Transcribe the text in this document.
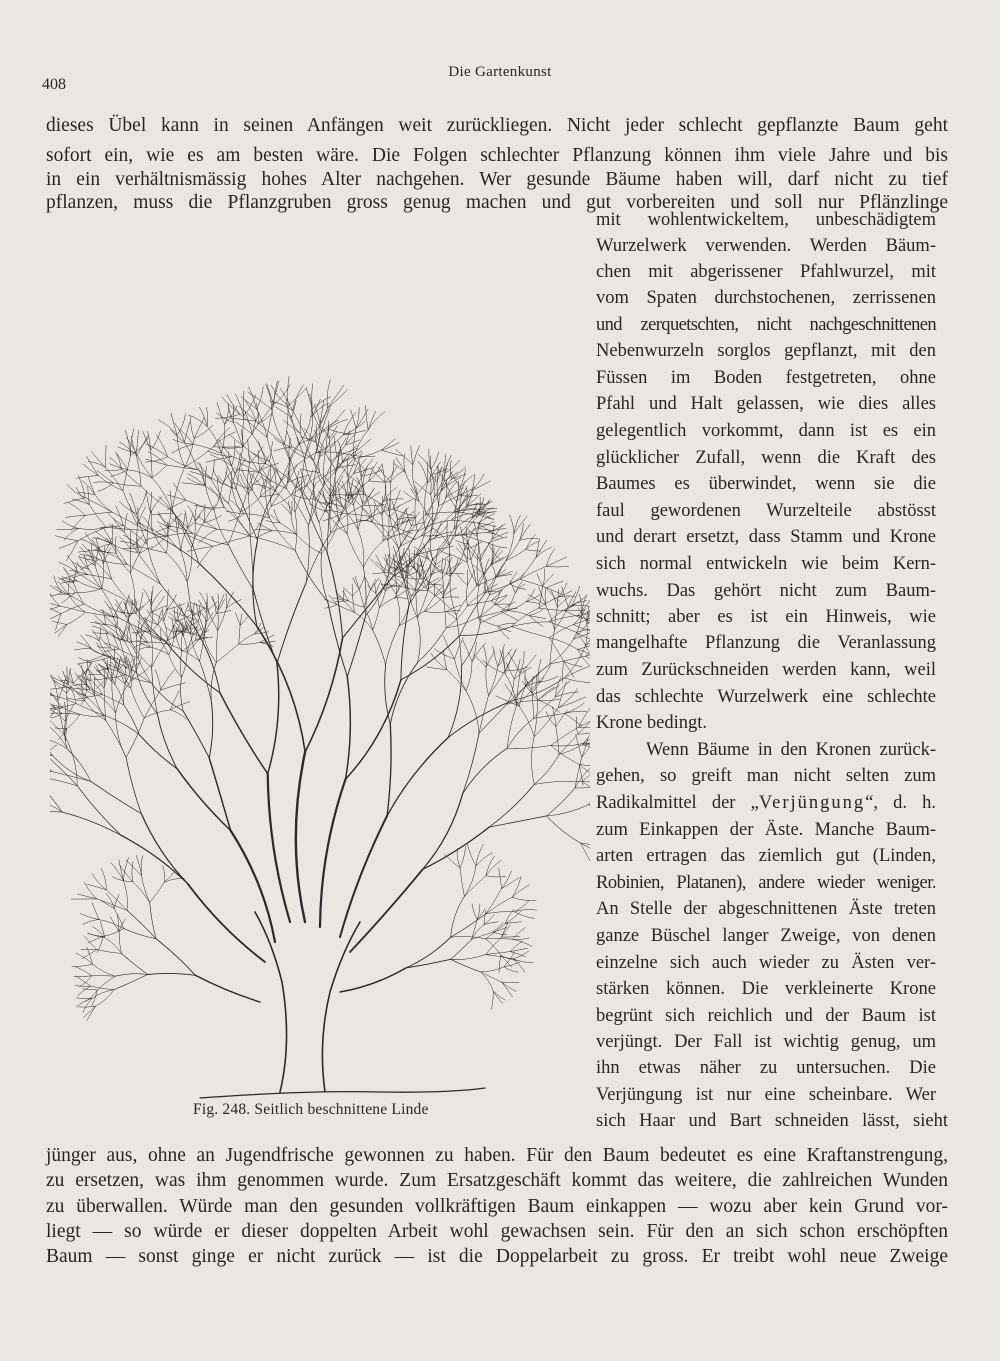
408
Die Gartenkunst
dieses Übel kann in seinen Anfängen weit zurückliegen. Nicht jeder schlecht gepflanzte Baum geht
sofort ein, wie es am besten wäre. Die Folgen schlechter Pflanzung können ihm viele Jahre und bis
in ein verhältnismässig hohes Alter nachgehen. Wer gesunde Bäume haben will, darf nicht zu tief
pflanzen, muss die Pflanzgruben gross genug machen und gut vorbereiten und soll nur Pflänzlinge
mit wohlentwickeltem, unbeschädigtem
Wurzelwerk verwenden. Werden Bäum-
chen mit abgerissener Pfahlwurzel, mit
vom Spaten durchstochenen, zerrissenen
und zerquetschten, nicht nachgeschnittenen
Nebenwurzeln sorglos gepflanzt, mit den
Füssen im Boden festgetreten, ohne
Pfahl und Halt gelassen, wie dies alles
gelegentlich vorkommt, dann ist es ein
glücklicher Zufall, wenn die Kraft des
Baumes es überwindet, wenn sie die
faul gewordenen Wurzelteile abstösst
und derart ersetzt, dass Stamm und Krone
sich normal entwickeln wie beim Kern-
wuchs. Das gehört nicht zum Baum-
schnitt; aber es ist ein Hinweis, wie
mangelhafte Pflanzung die Veranlassung
zum Zurückschneiden werden kann, weil
das schlechte Wurzelwerk eine schlechte
Krone bedingt.
Wenn Bäume in den Kronen zurück-
gehen, so greift man nicht selten zum
Radikalmittel der „Verjüngung“, d. h.
zum Einkappen der Äste. Manche Baum-
arten ertragen das ziemlich gut (Linden,
Robinien, Platanen), andere wieder weniger.
An Stelle der abgeschnittenen Äste treten
ganze Büschel langer Zweige, von denen
einzelne sich auch wieder zu Ästen ver-
stärken können. Die verkleinerte Krone
begrünt sich reichlich und der Baum ist
verjüngt. Der Fall ist wichtig genug, um
ihn etwas näher zu untersuchen. Die
Verjüngung ist nur eine scheinbare. Wer
sich Haar und Bart schneiden lässt, sieht
Fig. 248. Seitlich beschnittene Linde
jünger aus, ohne an Jugendfrische gewonnen zu haben. Für den Baum bedeutet es eine Kraftanstrengung,
zu ersetzen, was ihm genommen wurde. Zum Ersatzgeschäft kommt das weitere, die zahlreichen Wunden
zu überwallen. Würde man den gesunden vollkräftigen Baum einkappen — wozu aber kein Grund vor-
liegt — so würde er dieser doppelten Arbeit wohl gewachsen sein. Für den an sich schon erschöpften
Baum — sonst ginge er nicht zurück — ist die Doppelarbeit zu gross. Er treibt wohl neue Zweige
